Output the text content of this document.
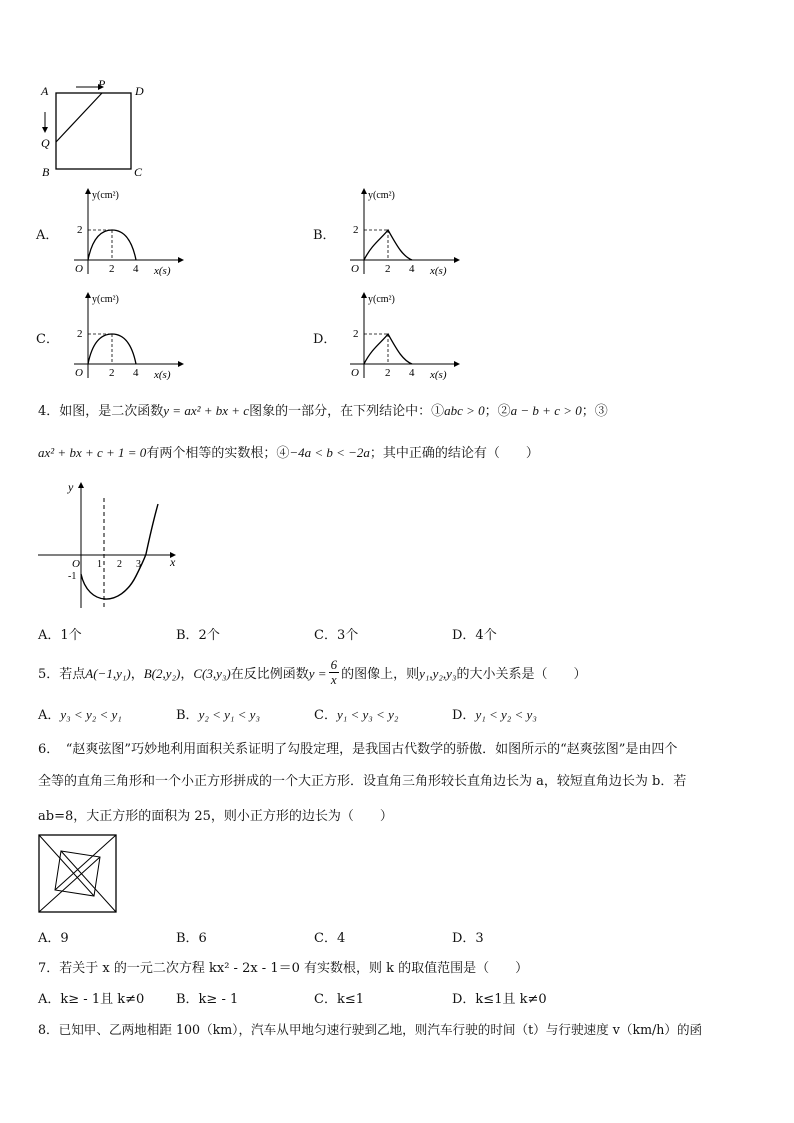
A	D
P
Q
B	C
A．	B．
C．	D．
y(cm²)
2
O 2 4 x(s)
y(cm²)
2
O 2 4 x(s)
y(cm²)
2
O 2 4 x(s)
y(cm²)
2
O 2 4 x(s)
4．如图，是二次函数y = ax² + bx + c图象的一部分，在下列结论中：①abc > 0；②a − b + c > 0；③
ax² + bx + c + 1 = 0有两个相等的实数根；④−4a < b < −2a；其中正确的结论有（　　）
y
x
O
-1
1 2 3
A．1个	B．2个	C．3个	D．4个
5．若点A(−1,y₁)，B(2,y₂)，C(3,y₃)在反比例函数$y = \frac{6}{x}$ 的图像上，则y₁,y₂,y₃的大小关系是（　　）
A．y₃ < y₂ < y₁	B．y₂ < y₁ < y₃	C．y₁ < y₃ < y₂	D．y₁ < y₂ < y₃
6．　“赵爽弦图”巧妙地利用面积关系证明了勾股定理，是我国古代数学的骄傲．如图所示的“赵爽弦图”是由四个
全等的直角三角形和一个小正方形拼成的一个大正方形．设直角三角形较长直角边长为 a，较短直角边长为 b．若
ab=8，大正方形的面积为 25，则小正方形的边长为（　　）
A．9	B．6	C．4	D．3
7．若关于 x 的一元二次方程 kx² - 2x - 1＝0 有实数根，则 k 的取值范围是（　　）
A．k≥ - 1且 k≠0 B．k≥ - 1	C．k≤1	D．k≤1且 k≠0
8．已知甲、乙两地相距 100（km），汽车从甲地匀速行驶到乙地，则汽车行驶的时间（t）与行驶速度 v（km/h）的函
